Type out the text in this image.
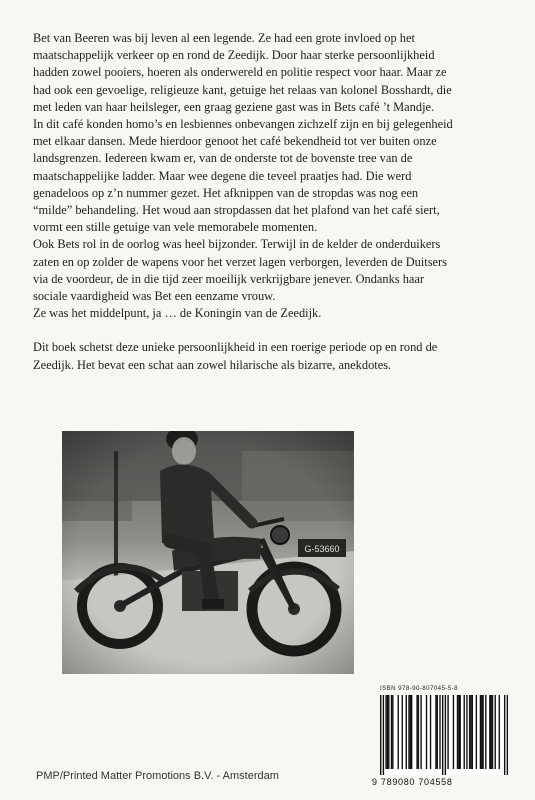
Bet van Beeren was bij leven al een legende. Ze had een grote invloed op het

maatschappelijk verkeer op en rond de Zeedijk. Door haar sterke persoonlijkheid

hadden zowel pooiers, hoeren als onderwereld en politie respect voor haar. Maar ze

had ook een gevoelige, religieuze kant, getuige het relaas van kolonel Bosshardt, die

met leden van haar heilsleger, een graag geziene gast was in Bets café ’t Mandje.

In dit café konden homo’s en lesbiennes onbevangen zichzelf zijn en bij gelegenheid

met elkaar dansen. Mede hierdoor genoot het café bekendheid tot ver buiten onze

landsgrenzen. Iedereen kwam er, van de onderste tot de bovenste tree van de

maatschappelijke ladder. Maar wee degene die teveel praatjes had. Die werd

genadeloos op z’n nummer gezet. Het afknippen van de stropdas was nog een

“milde” behandeling. Het woud aan stropdassen dat het plafond van het café siert,

vormt een stille getuige van vele memorabele momenten.

Ook Bets rol in de oorlog was heel bijzonder. Terwijl in de kelder de onderduikers

zaten en op zolder de wapens voor het verzet lagen verborgen, leverden de Duitsers

via de voordeur, de in die tijd zeer moeilijk verkrijgbare jenever. Ondanks haar

sociale vaardigheid was Bet een eenzame vrouw.

Ze was het middelpunt, ja … de Koningin van de Zeedijk.

Dit boek schetst deze unieke persoonlijkheid in een roerige periode op en rond de

Zeedijk. Het bevat een schat aan zowel hilarische als bizarre, anekdotes.

ISBN 978-90-807045-5-8
9 789080 704558
PMP/Printed Matter Promotions B.V. - Amsterdam
